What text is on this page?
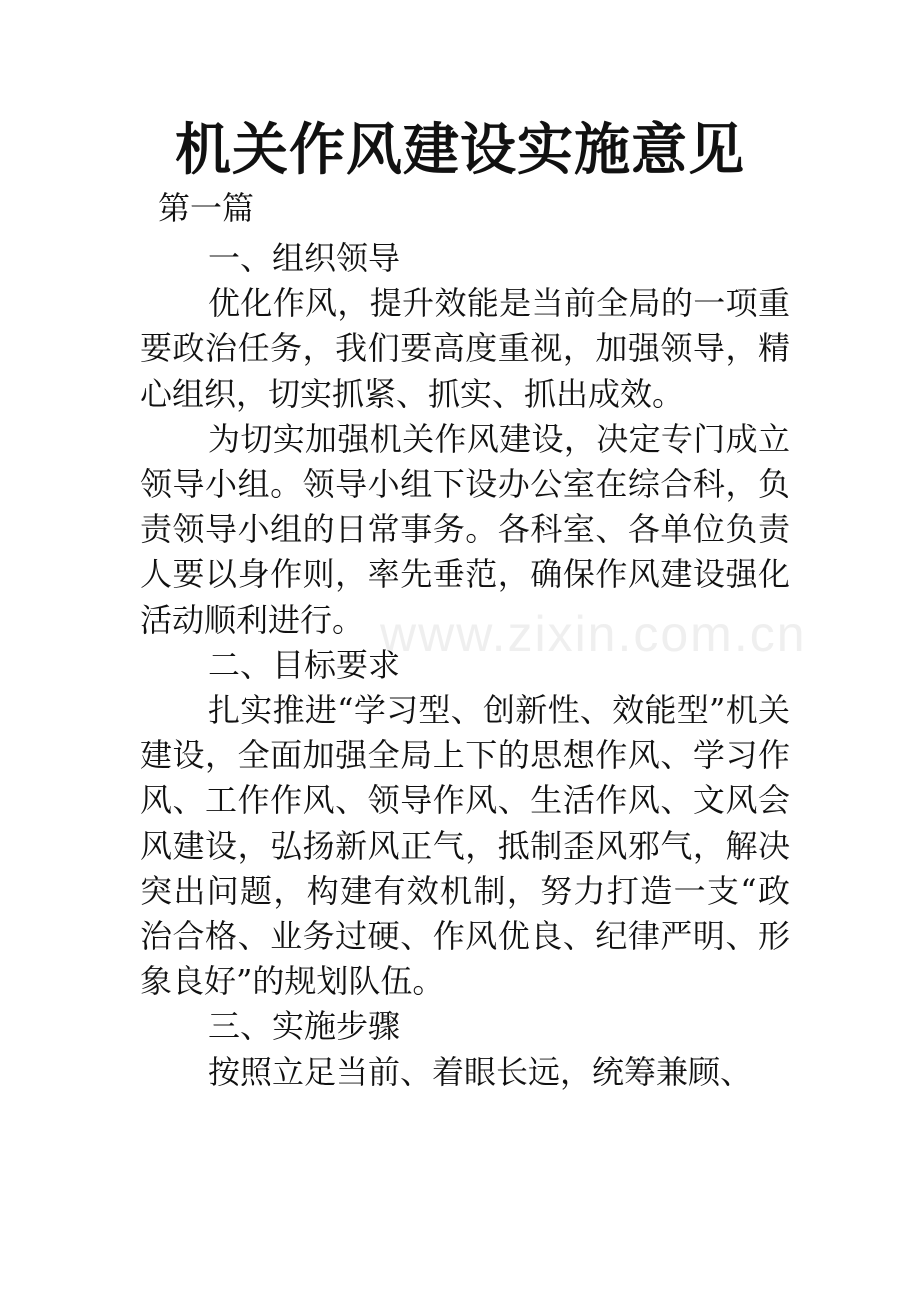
机关作风建设实施意见
第一篇

一、组织领导

优化作风，提升效能是当前全局的一项重要政治任务，我们要高度重视，加强领导，精心组织，切实抓紧、抓实、抓出成效。

为切实加强机关作风建设，决定专门成立领导小组。领导小组下设办公室在综合科，负责领导小组的日常事务。各科室、各单位负责人要以身作则，率先垂范，确保作风建设强化活动顺利进行。

二、目标要求

扎实推进“学习型、创新性、效能型”机关建设，全面加强全局上下的思想作风、学习作风、工作作风、领导作风、生活作风、文风会风建设，弘扬新风正气，抵制歪风邪气，解决突出问题，构建有效机制，努力打造一支“政治合格、业务过硬、作风优良、纪律严明、形象良好”的规划队伍。

三、实施步骤

按照立足当前、着眼长远，统筹兼顾、

www.zixin.com.cn
